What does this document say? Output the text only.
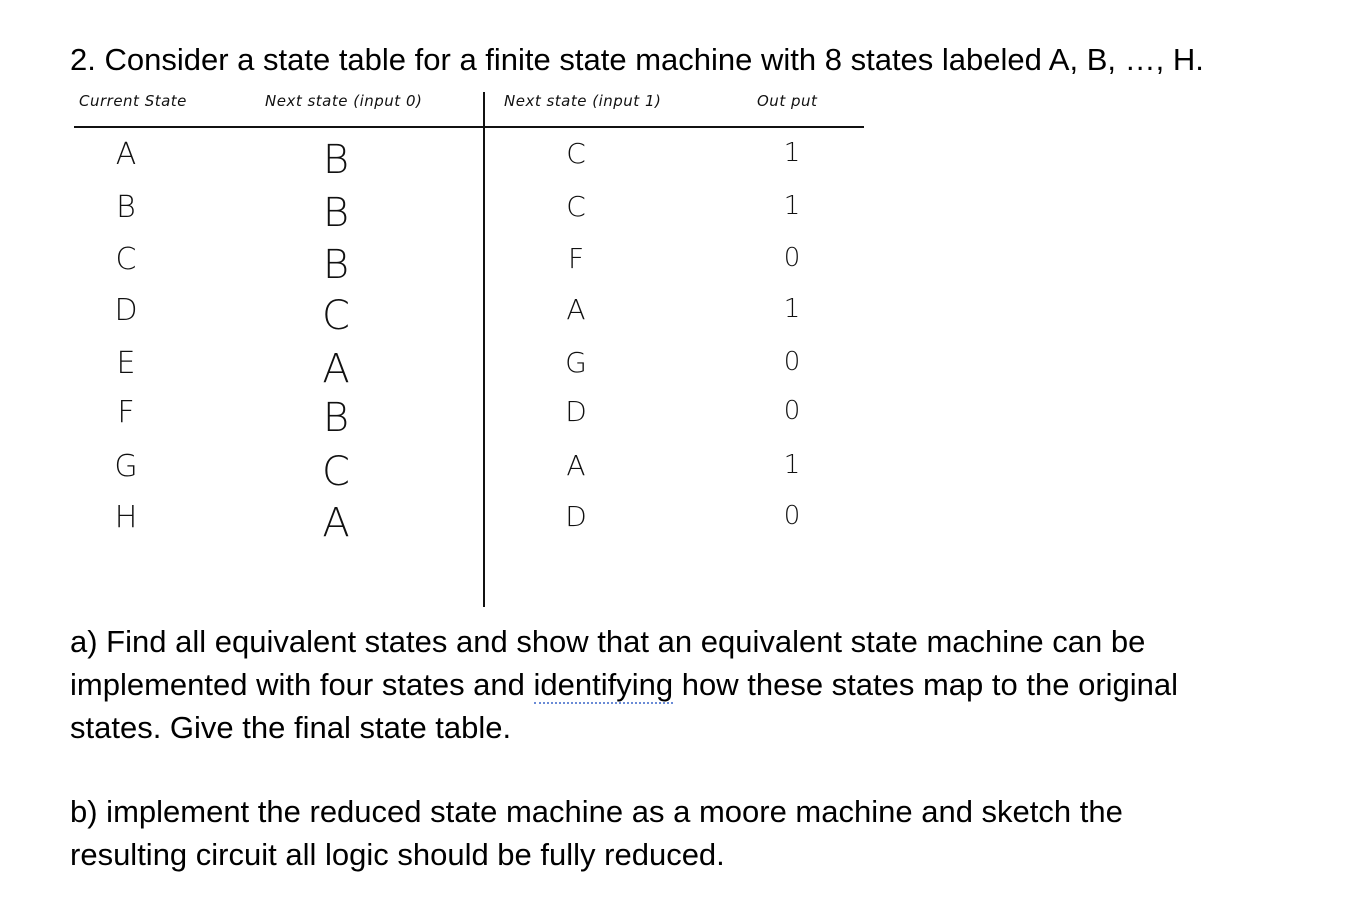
2. Consider a state table for a finite state machine with 8 states labeled A, B, …, H.
Current State	Next state (input 0)	Next state (input 1)	Out put
A	B	C	1
B	B	C	1
C	B	F	0
D	C	A	1
E	A	G	0
F	B	D	0
G	C	A	1
H	A	D	0
a) Find all equivalent states and show that an equivalent state machine can be
implemented with four states and identifying how these states map to the original
states. Give the final state table.
b) implement the reduced state machine as a moore machine and sketch the
resulting circuit all logic should be fully reduced.
